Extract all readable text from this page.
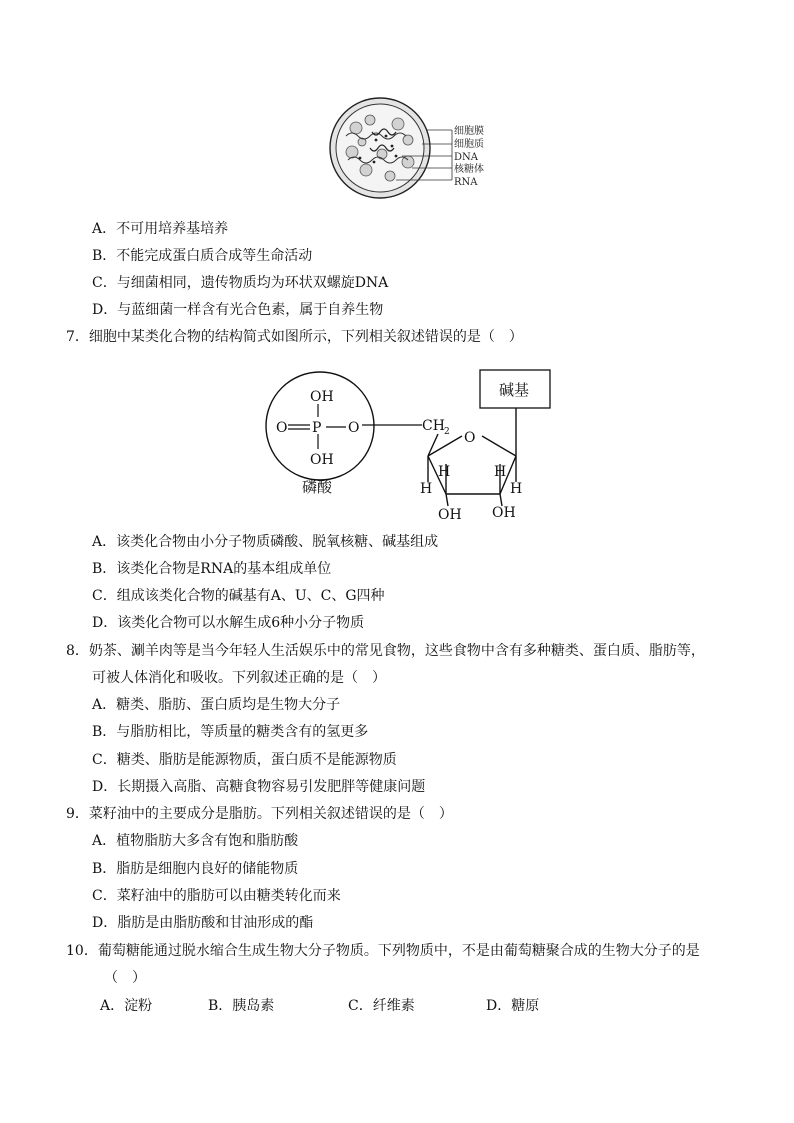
细胞膜
细胞质
DNA
核糖体
RNA
A．不可用培养基培养
B．不能完成蛋白质合成等生命活动
C．与细菌相同，遗传物质均为环状双螺旋DNA
D．与蓝细菌一样含有光合色素，属于自养生物
7．细胞中某类化合物的结构简式如图所示，下列相关叙述错误的是（　）
OH
O P O
OH
磷酸
CH 2 O
碱基
H
H
H
H
OH OH
A．该类化合物由小分子物质磷酸、脱氧核糖、碱基组成
B．该类化合物是RNA的基本组成单位
C．组成该类化合物的碱基有A、U、C、G四种
D．该类化合物可以水解生成6种小分子物质
8．奶茶、涮羊肉等是当今年轻人生活娱乐中的常见食物，这些食物中含有多种糖类、蛋白质、脂肪等，
可被人体消化和吸收。下列叙述正确的是（　）
A．糖类、脂肪、蛋白质均是生物大分子
B．与脂肪相比，等质量的糖类含有的氢更多
C．糖类、脂肪是能源物质，蛋白质不是能源物质
D．长期摄入高脂、高糖食物容易引发肥胖等健康问题
9．菜籽油中的主要成分是脂肪。下列相关叙述错误的是（　）
A．植物脂肪大多含有饱和脂肪酸
B．脂肪是细胞内良好的储能物质
C．菜籽油中的脂肪可以由糖类转化而来
D．脂肪是由脂肪酸和甘油形成的酯
10．葡萄糖能通过脱水缩合生成生物大分子物质。下列物质中，不是由葡萄糖聚合成的生物大分子的是
（　）
A．淀粉	B．胰岛素	C．纤维素	D．糖原
